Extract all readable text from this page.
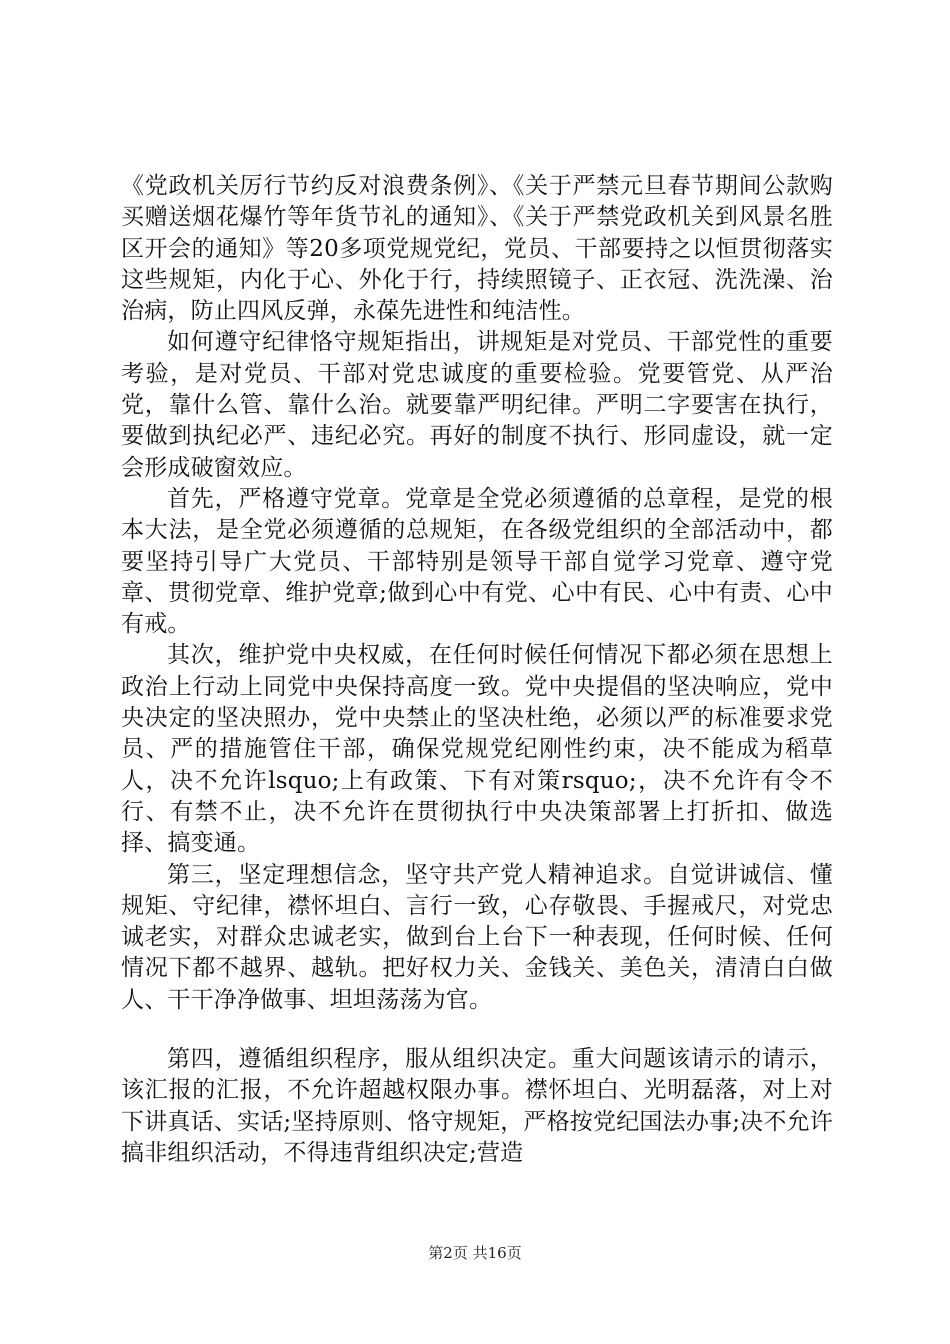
《党政机关厉行节约反对浪费条例》、《关于严禁元旦春节期间公款购买赠送烟花爆竹等年货节礼的通知》、《关于严禁党政机关到风景名胜区开会的通知》等20多项党规党纪，党员、干部要持之以恒贯彻落实这些规矩，内化于心、外化于行，持续照镜子、正衣冠、洗洗澡、治治病，防止四风反弹，永葆先进性和纯洁性。

如何遵守纪律恪守规矩指出，讲规矩是对党员、干部党性的重要考验，是对党员、干部对党忠诚度的重要检验。党要管党、从严治党，靠什么管、靠什么治。就要靠严明纪律。严明二字要害在执行，要做到执纪必严、违纪必究。再好的制度不执行、形同虚设，就一定会形成破窗效应。

首先，严格遵守党章。党章是全党必须遵循的总章程，是党的根本大法，是全党必须遵循的总规矩，在各级党组织的全部活动中，都要坚持引导广大党员、干部特别是领导干部自觉学习党章、遵守党章、贯彻党章、维护党章;做到心中有党、心中有民、心中有责、心中有戒。

其次，维护党中央权威，在任何时候任何情况下都必须在思想上政治上行动上同党中央保持高度一致。党中央提倡的坚决响应，党中央决定的坚决照办，党中央禁止的坚决杜绝，必须以严的标准要求党员、严的措施管住干部，确保党规党纪刚性约束，决不能成为稻草人，决不允许lsquo;上有政策、下有对策rsquo;，决不允许有令不行、有禁不止，决不允许在贯彻执行中央决策部署上打折扣、做选择、搞变通。

第三，坚定理想信念，坚守共产党人精神追求。自觉讲诚信、懂规矩、守纪律，襟怀坦白、言行一致，心存敬畏、手握戒尺，对党忠诚老实，对群众忠诚老实，做到台上台下一种表现，任何时候、任何情况下都不越界、越轨。把好权力关、金钱关、美色关，清清白白做人、干干净净做事、坦坦荡荡为官。

第四，遵循组织程序，服从组织决定。重大问题该请示的请示，该汇报的汇报，不允许超越权限办事。襟怀坦白、光明磊落，对上对下讲真话、实话;坚持原则、恪守规矩，严格按党纪国法办事;决不允许搞非组织活动，不得违背组织决定;营造

第2页 共16页
